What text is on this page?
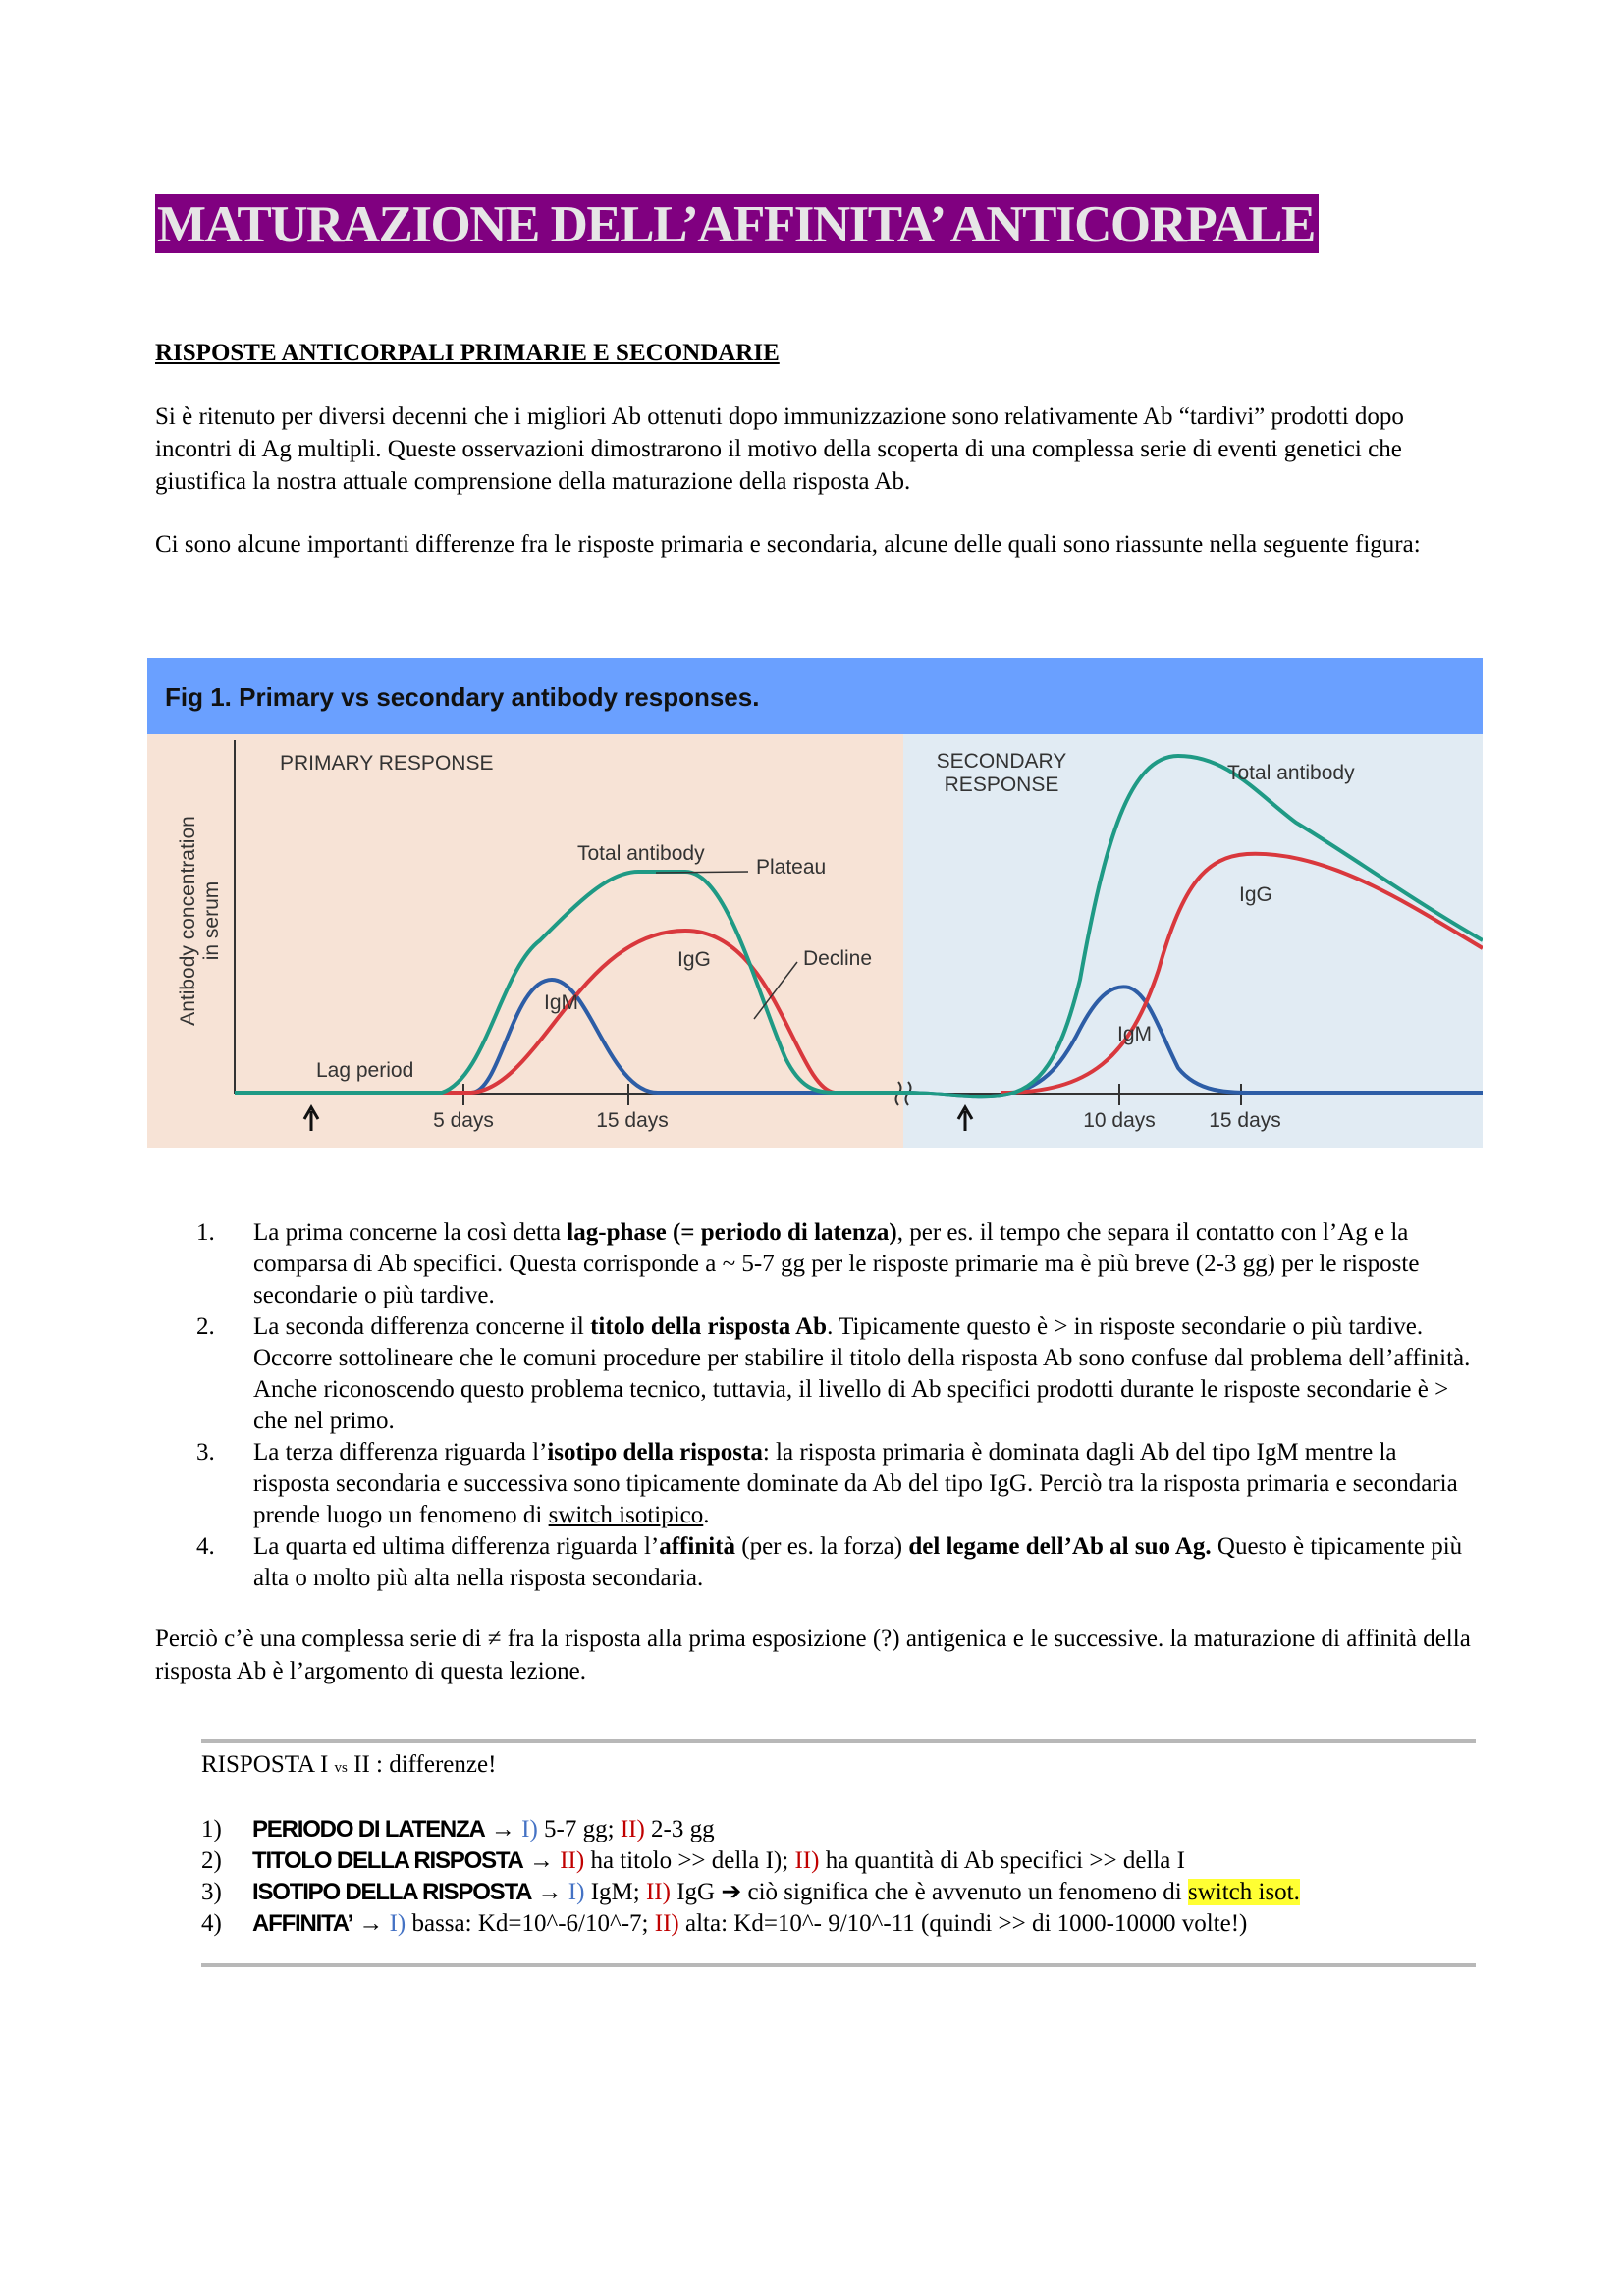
MATURAZIONE DELL’AFFINITA’ ANTICORPALE
RISPOSTE ANTICORPALI PRIMARIE E SECONDARIE
Si è ritenuto per diversi decenni che i migliori Ab ottenuti dopo immunizzazione sono relativamente Ab “tardivi” prodotti dopo incontri di Ag multipli. Queste osservazioni dimostrarono il motivo della scoperta di una complessa serie di eventi genetici che giustifica la nostra attuale comprensione della maturazione della risposta Ab.
Ci sono alcune importanti differenze fra le risposte primaria e secondaria, alcune delle quali sono riassunte nella seguente figura:
Fig 1. Primary vs secondary antibody responses.
Antibody concentration in serum
PRIMARY RESPONSE	SECONDARY
RESPONSE
Lag period
Total antibody
Plateau
Decline
IgG
IgM
Total antibody
IgG
IgM
5 days	15 days	10 days	15 days
1. La prima concerne la così detta lag-phase (= periodo di latenza), per es. il tempo che separa il contatto con l’Ag e la comparsa di Ab specifici. Questa corrisponde a ~ 5-7 gg per le risposte primarie ma è più breve (2-3 gg) per le risposte secondarie o più tardive.
2. La seconda differenza concerne il titolo della risposta Ab. Tipicamente questo è > in risposte secondarie o più tardive. Occorre sottolineare che le comuni procedure per stabilire il titolo della risposta Ab sono confuse dal problema dell’affinità. Anche riconoscendo questo problema tecnico, tuttavia, il livello di Ab specifici prodotti durante le risposte secondarie è > che nel primo.
3. La terza differenza riguarda l’isotipo della risposta: la risposta primaria è dominata dagli Ab del tipo IgM mentre la risposta secondaria e successiva sono tipicamente dominate da Ab del tipo IgG. Perciò tra la risposta primaria e secondaria prende luogo un fenomeno di switch isotipico.
4. La quarta ed ultima differenza riguarda l’affinità (per es. la forza) del legame dell’Ab al suo Ag. Questo è tipicamente più alta o molto più alta nella risposta secondaria.
Perciò c’è una complessa serie di ≠ fra la risposta alla prima esposizione (?) antigenica e le successive. la maturazione di affinità della risposta Ab è l’argomento di questa lezione.
RISPOSTA I vs II : differenze!
1) PERIODO DI LATENZA → I) 5-7 gg; II) 2-3 gg
2) TITOLO DELLA RISPOSTA → II) ha titolo >> della I); II) ha quantità di Ab specifici >> della I
3) ISOTIPO DELLA RISPOSTA → I) IgM; II) IgG ➔ ciò significa che è avvenuto un fenomeno di switch isot.
4) AFFINITA’ → I) bassa: Kd=10^-6/10^-7; II) alta: Kd=10^- 9/10^-11 (quindi >> di 1000-10000 volte!)
